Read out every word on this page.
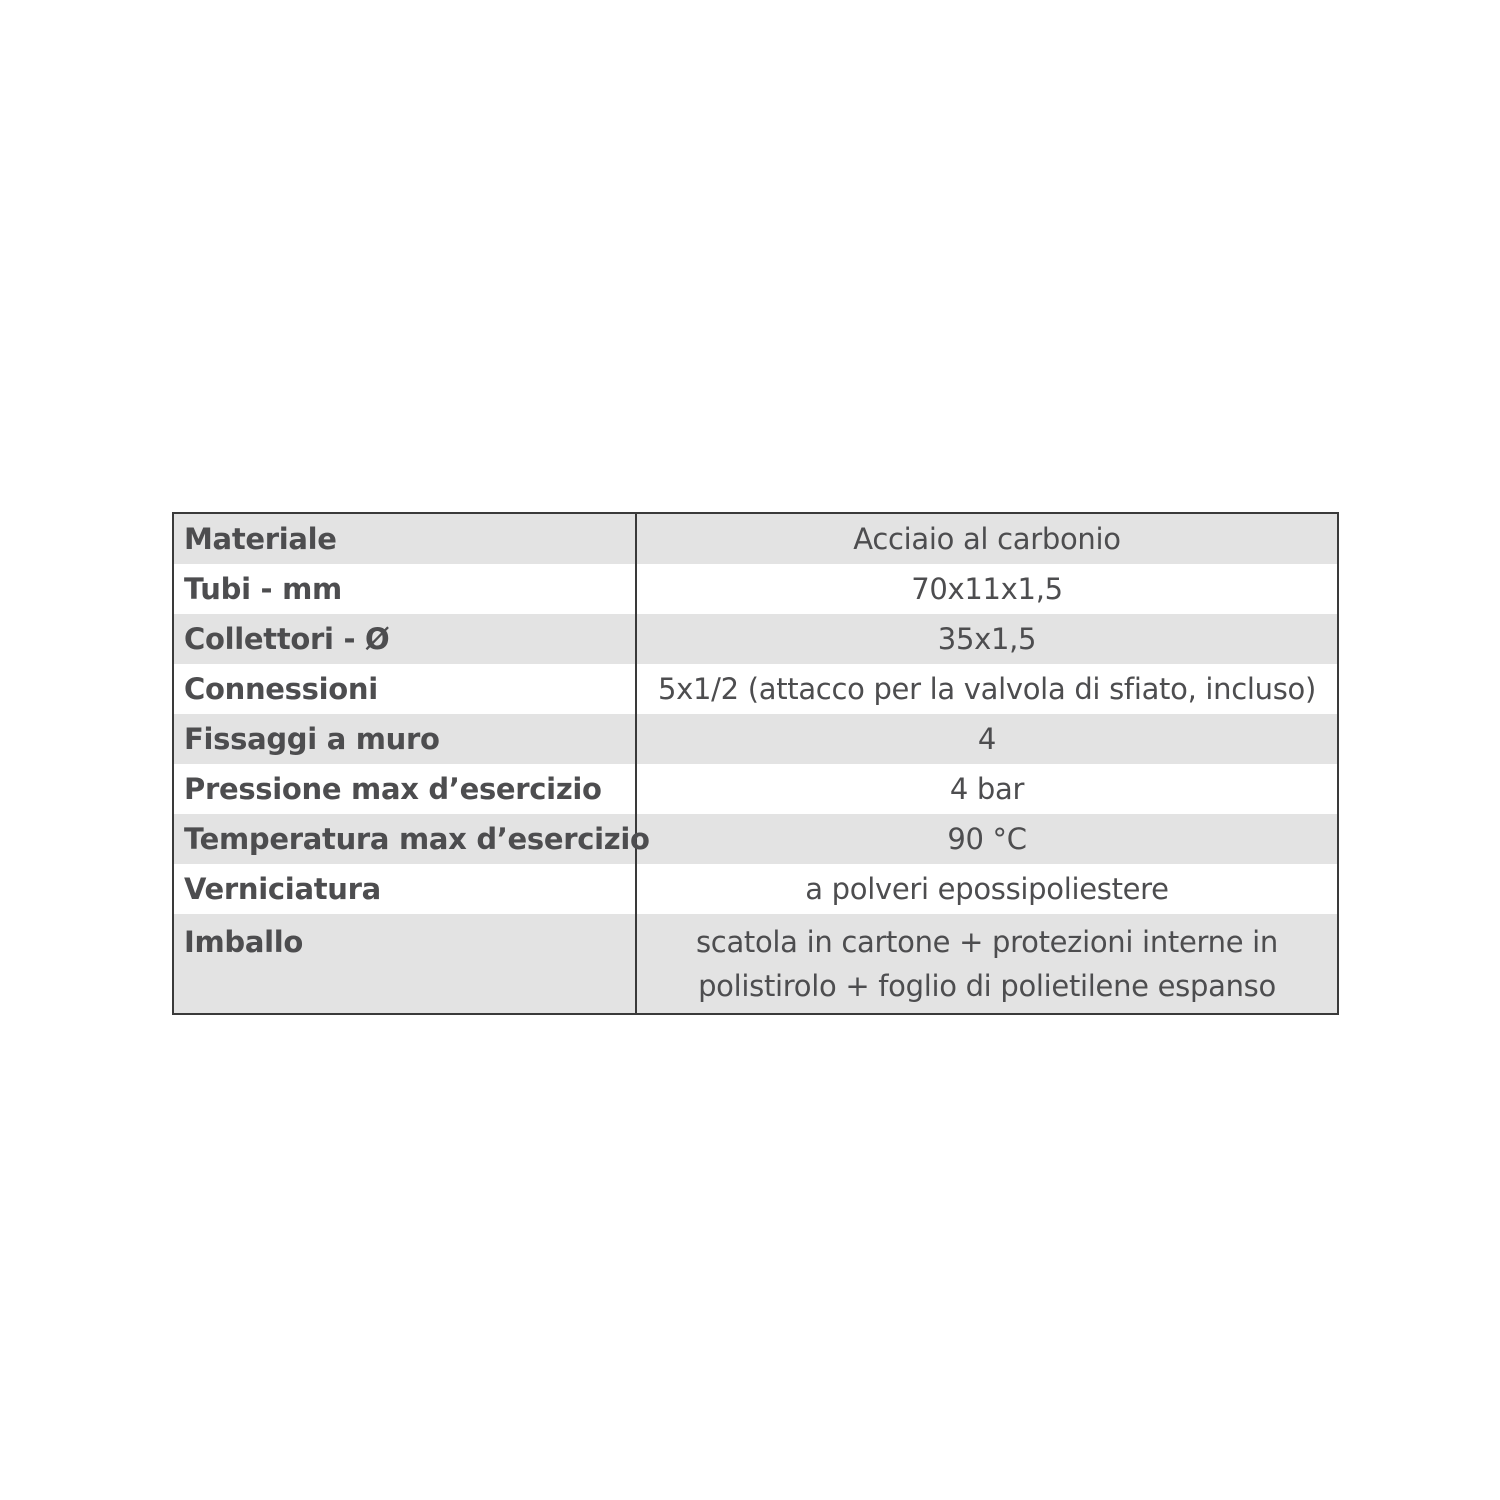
Materiale	Acciaio al carbonio
Tubi - mm	70x11x1,5
Collettori - Ø	35x1,5
Connessioni	5x1/2 (attacco per la valvola di sfiato, incluso)
Fissaggi a muro	4
Pressione max d’esercizio	4 bar
Temperatura max d’esercizio	90 °C
Verniciatura	a polveri epossipoliestere
Imballo	scatola in cartone + protezioni interne in
polistirolo + foglio di polietilene espanso
